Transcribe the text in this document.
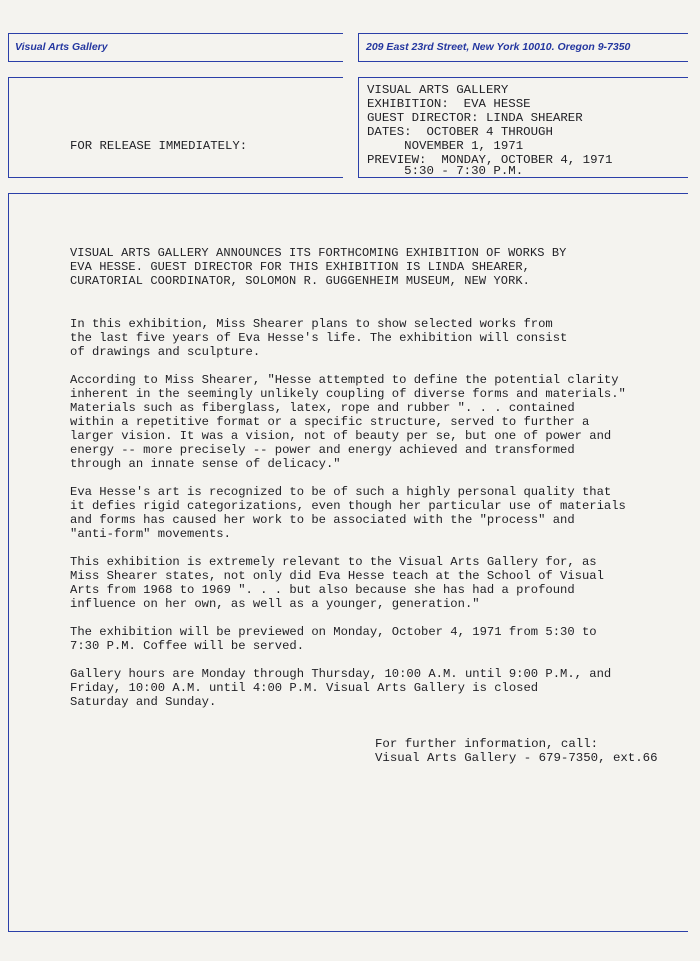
Visual Arts Gallery	209 East 23rd Street, New York 10010. Oregon 9-7350
FOR RELEASE IMMEDIATELY:
VISUAL ARTS GALLERY
EXHIBITION:  EVA HESSE
GUEST DIRECTOR: LINDA SHEARER
DATES:  OCTOBER 4 THROUGH
NOVEMBER 1, 1971
PREVIEW:  MONDAY, OCTOBER 4, 1971
5:30 - 7:30 P.M.
VISUAL ARTS GALLERY ANNOUNCES ITS FORTHCOMING EXHIBITION OF WORKS BY
EVA HESSE. GUEST DIRECTOR FOR THIS EXHIBITION IS LINDA SHEARER,
CURATORIAL COORDINATOR, SOLOMON R. GUGGENHEIM MUSEUM, NEW YORK.
In this exhibition, Miss Shearer plans to show selected works from
the last five years of Eva Hesse's life. The exhibition will consist
of drawings and sculpture.
According to Miss Shearer, "Hesse attempted to define the potential clarity
inherent in the seemingly unlikely coupling of diverse forms and materials."
Materials such as fiberglass, latex, rope and rubber ". . . contained
within a repetitive format or a specific structure, served to further a
larger vision. It was a vision, not of beauty per se, but one of power and
energy -- more precisely -- power and energy achieved and transformed
through an innate sense of delicacy."
Eva Hesse's art is recognized to be of such a highly personal quality that
it defies rigid categorizations, even though her particular use of materials
and forms has caused her work to be associated with the "process" and
"anti-form" movements.
This exhibition is extremely relevant to the Visual Arts Gallery for, as
Miss Shearer states, not only did Eva Hesse teach at the School of Visual
Arts from 1968 to 1969 ". . . but also because she has had a profound
influence on her own, as well as a younger, generation."
The exhibition will be previewed on Monday, October 4, 1971 from 5:30 to
7:30 P.M. Coffee will be served.
Gallery hours are Monday through Thursday, 10:00 A.M. until 9:00 P.M., and
Friday, 10:00 A.M. until 4:00 P.M. Visual Arts Gallery is closed
Saturday and Sunday.
For further information, call:
Visual Arts Gallery - 679-7350, ext.66
